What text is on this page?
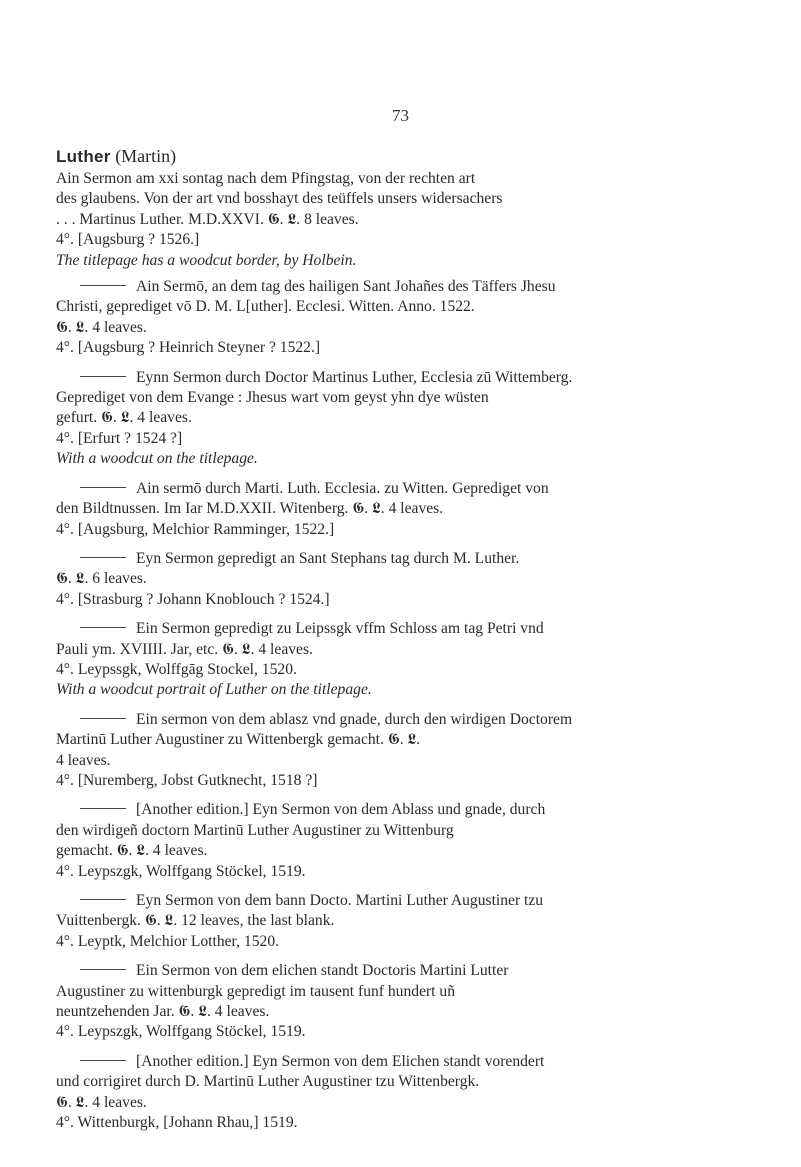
73
Luther (Martin)
Ain Sermon am xxi sontag nach dem Pfingstag, von der rechten art
des glaubens. Von der art vnd bosshayt des teüffels unsers widersachers
. . . Martinus Luther. M.D.XXVI. 𝕲. 𝕷. 8 leaves.
4°. [Augsburg ? 1526.]
The titlepage has a woodcut border, by Holbein.
Ain Sermō, an dem tag des hailigen Sant Johañes des Täffers Jhesu
Christi, geprediget vō D. M. L[uther]. Ecclesi. Witten. Anno. 1522.
𝕲. 𝕷. 4 leaves.
4°. [Augsburg ? Heinrich Steyner ? 1522.]
Eynn Sermon durch Doctor Martinus Luther, Ecclesia zū Wittemberg.
Geprediget von dem Evange : Jhesus wart vom geyst yhn dye wüsten
gefurt. 𝕲. 𝕷. 4 leaves.
4°. [Erfurt ? 1524 ?]
With a woodcut on the titlepage.
Ain sermō durch Marti. Luth. Ecclesia. zu Witten. Geprediget von
den Bildtnussen. Im Iar M.D.XXII. Witenberg. 𝕲. 𝕷. 4 leaves.
4°. [Augsburg, Melchior Ramminger, 1522.]
Eyn Sermon gepredigt an Sant Stephans tag durch M. Luther.
𝕲. 𝕷. 6 leaves.
4°. [Strasburg ? Johann Knoblouch ? 1524.]
Ein Sermon gepredigt zu Leipssgk vffm Schloss am tag Petri vnd
Pauli ym. XVIIII. Jar, etc. 𝕲. 𝕷. 4 leaves.
4°. Leypssgk, Wolffgāg Stockel, 1520.
With a woodcut portrait of Luther on the titlepage.
Ein sermon von dem ablasz vnd gnade, durch den wirdigen Doctorem
Martinū Luther Augustiner zu Wittenbergk gemacht. 𝕲. 𝕷.
4 leaves.
4°. [Nuremberg, Jobst Gutknecht, 1518 ?]
[Another edition.] Eyn Sermon von dem Ablass und gnade, durch
den wirdigeñ doctorn Martinū Luther Augustiner zu Wittenburg
gemacht. 𝕲. 𝕷. 4 leaves.
4°. Leypszgk, Wolffgang Stöckel, 1519.
Eyn Sermon von dem bann Docto. Martini Luther Augustiner tzu
Vuittenbergk. 𝕲. 𝕷. 12 leaves, the last blank.
4°. Leyptk, Melchior Lotther, 1520.
Ein Sermon von dem elichen standt Doctoris Martini Lutter
Augustiner zu wittenburgk gepredigt im tausent funf hundert uñ
neuntzehenden Jar. 𝕲. 𝕷. 4 leaves.
4°. Leypszgk, Wolffgang Stöckel, 1519.
[Another edition.] Eyn Sermon von dem Elichen standt vorendert
und corrigiret durch D. Martinū Luther Augustiner tzu Wittenbergk.
𝕲. 𝕷. 4 leaves.
4°. Wittenburgk, [Johann Rhau,] 1519.
